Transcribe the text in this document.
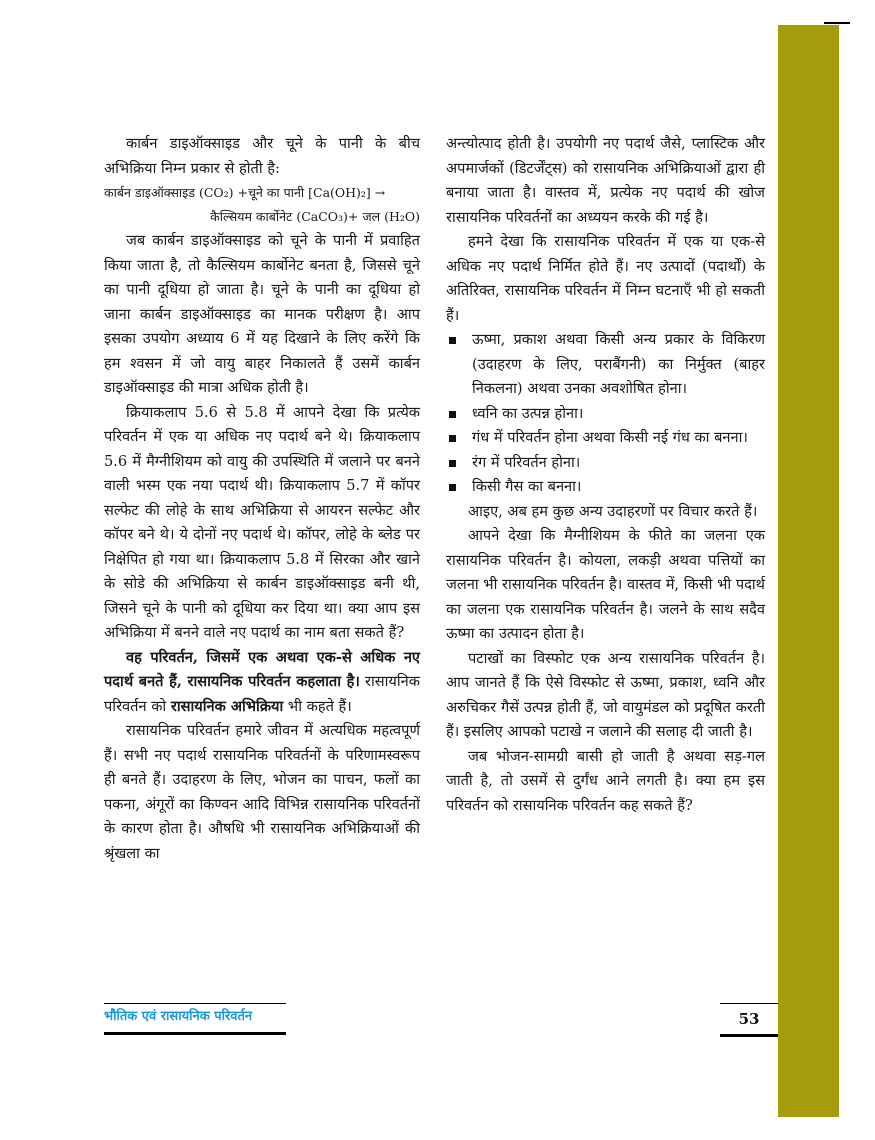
कार्बन डाइऑक्साइड और चूने के पानी के बीच अभिक्रिया निम्न प्रकार से होती है:

कार्बन डाइऑक्साइड (CO₂) +चूने का पानी [Ca(OH)₂] →

कैल्सियम कार्बोनेट (CaCO₃)+ जल (H₂O)

जब कार्बन डाइऑक्साइड को चूने के पानी में प्रवाहित किया जाता है, तो कैल्सियम कार्बोनेट बनता है, जिससे चूने का पानी दूधिया हो जाता है। चूने के पानी का दूधिया हो जाना कार्बन डाइऑक्साइड का मानक परीक्षण है। आप इसका उपयोग अध्याय 6 में यह दिखाने के लिए करेंगे कि हम श्वसन में जो वायु बाहर निकालते हैं उसमें कार्बन डाइऑक्साइड की मात्रा अधिक होती है।

क्रियाकलाप 5.6 से 5.8 में आपने देखा कि प्रत्येक परिवर्तन में एक या अधिक नए पदार्थ बने थे। क्रियाकलाप 5.6 में मैग्नीशियम को वायु की उपस्थिति में जलाने पर बनने वाली भस्म एक नया पदार्थ थी। क्रियाकलाप 5.7 में कॉपर सल्फेट की लोहे के साथ अभिक्रिया से आयरन सल्फेट और कॉपर बने थे। ये दोनों नए पदार्थ थे। कॉपर, लोहे के ब्लेड पर निक्षेपित हो गया था। क्रियाकलाप 5.8 में सिरका और खाने के सोडे की अभिक्रिया से कार्बन डाइऑक्साइड बनी थी, जिसने चूने के पानी को दूधिया कर दिया था। क्या आप इस अभिक्रिया में बनने वाले नए पदार्थ का नाम बता सकते हैं?

वह परिवर्तन, जिसमें एक अथवा एक-से अधिक नए पदार्थ बनते हैं, रासायनिक परिवर्तन कहलाता है। रासायनिक परिवर्तन को रासायनिक अभिक्रिया भी कहते हैं।

रासायनिक परिवर्तन हमारे जीवन में अत्यधिक महत्वपूर्ण हैं। सभी नए पदार्थ रासायनिक परिवर्तनों के परिणामस्वरूप ही बनते हैं। उदाहरण के लिए, भोजन का पाचन, फलों का पकना, अंगूरों का किण्वन आदि विभिन्न रासायनिक परिवर्तनों के कारण होता है। औषधि भी रासायनिक अभिक्रियाओं की श्रृंखला का

अन्त्योत्पाद होती है। उपयोगी नए पदार्थ जैसे, प्लास्टिक और अपमार्जकों (डिटर्जेंट्स) को रासायनिक अभिक्रियाओं द्वारा ही बनाया जाता है। वास्तव में, प्रत्येक नए पदार्थ की खोज रासायनिक परिवर्तनों का अध्ययन करके की गई है।

हमने देखा कि रासायनिक परिवर्तन में एक या एक-से अधिक नए पदार्थ निर्मित होते हैं। नए उत्पादों (पदार्थों) के अतिरिक्त, रासायनिक परिवर्तन में निम्न घटनाएँ भी हो सकती हैं।

ऊष्मा, प्रकाश अथवा किसी अन्य प्रकार के विकिरण (उदाहरण के लिए, पराबैंगनी) का निर्मुक्त (बाहर निकलना) अथवा उनका अवशोषित होना।
ध्वनि का उत्पन्न होना।
गंध में परिवर्तन होना अथवा किसी नई गंध का बनना।
रंग में परिवर्तन होना।
किसी गैस का बनना।

आइए, अब हम कुछ अन्य उदाहरणों पर विचार करते हैं।

आपने देखा कि मैग्नीशियम के फीते का जलना एक रासायनिक परिवर्तन है। कोयला, लकड़ी अथवा पत्तियों का जलना भी रासायनिक परिवर्तन है। वास्तव में, किसी भी पदार्थ का जलना एक रासायनिक परिवर्तन है। जलने के साथ सदैव ऊष्मा का उत्पादन होता है।

पटाखों का विस्फोट एक अन्य रासायनिक परिवर्तन है। आप जानते हैं कि ऐसे विस्फोट से ऊष्मा, प्रकाश, ध्वनि और अरुचिकर गैसें उत्पन्न होती हैं, जो वायुमंडल को प्रदूषित करती हैं। इसलिए आपको पटाखे न जलाने की सलाह दी जाती है।

जब भोजन-सामग्री बासी हो जाती है अथवा सड़-गल जाती है, तो उसमें से दुर्गंध आने लगती है। क्या हम इस परिवर्तन को रासायनिक परिवर्तन कह सकते हैं?

भौतिक एवं रासायनिक परिवर्तन	53
